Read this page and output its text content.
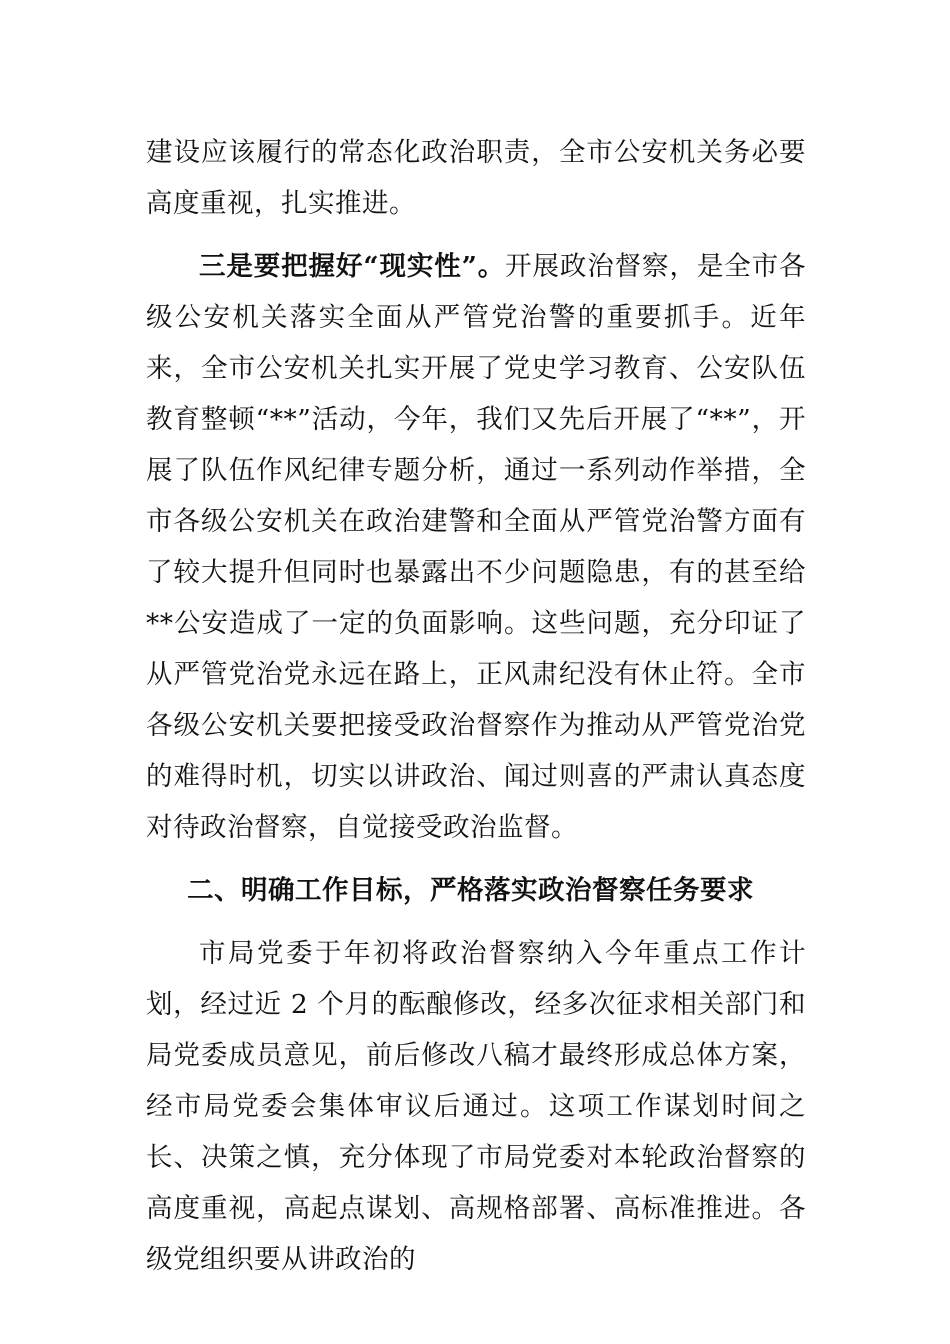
建设应该履行的常态化政治职责，全市公安机关务必要高度重视，扎实推进。

三是要把握好“现实性”。开展政治督察，是全市各级公安机关落实全面从严管党治警的重要抓手。近年来，全市公安机关扎实开展了党史学习教育、公安队伍教育整顿“**”活动，今年，我们又先后开展了“**”，开展了队伍作风纪律专题分析，通过一系列动作举措，全市各级公安机关在政治建警和全面从严管党治警方面有了较大提升但同时也暴露出不少问题隐患，有的甚至给**公安造成了一定的负面影响。这些问题，充分印证了从严管党治党永远在路上，正风肃纪没有休止符。全市各级公安机关要把接受政治督察作为推动从严管党治党的难得时机，切实以讲政治、闻过则喜的严肃认真态度对待政治督察，自觉接受政治监督。

二、明确工作目标，严格落实政治督察任务要求

市局党委于年初将政治督察纳入今年重点工作计划，经过近 2 个月的酝酿修改，经多次征求相关部门和局党委成员意见，前后修改八稿才最终形成总体方案，经市局党委会集体审议后通过。这项工作谋划时间之长、决策之慎，充分体现了市局党委对本轮政治督察的高度重视，高起点谋划、高规格部署、高标准推进。各级党组织要从讲政治的
